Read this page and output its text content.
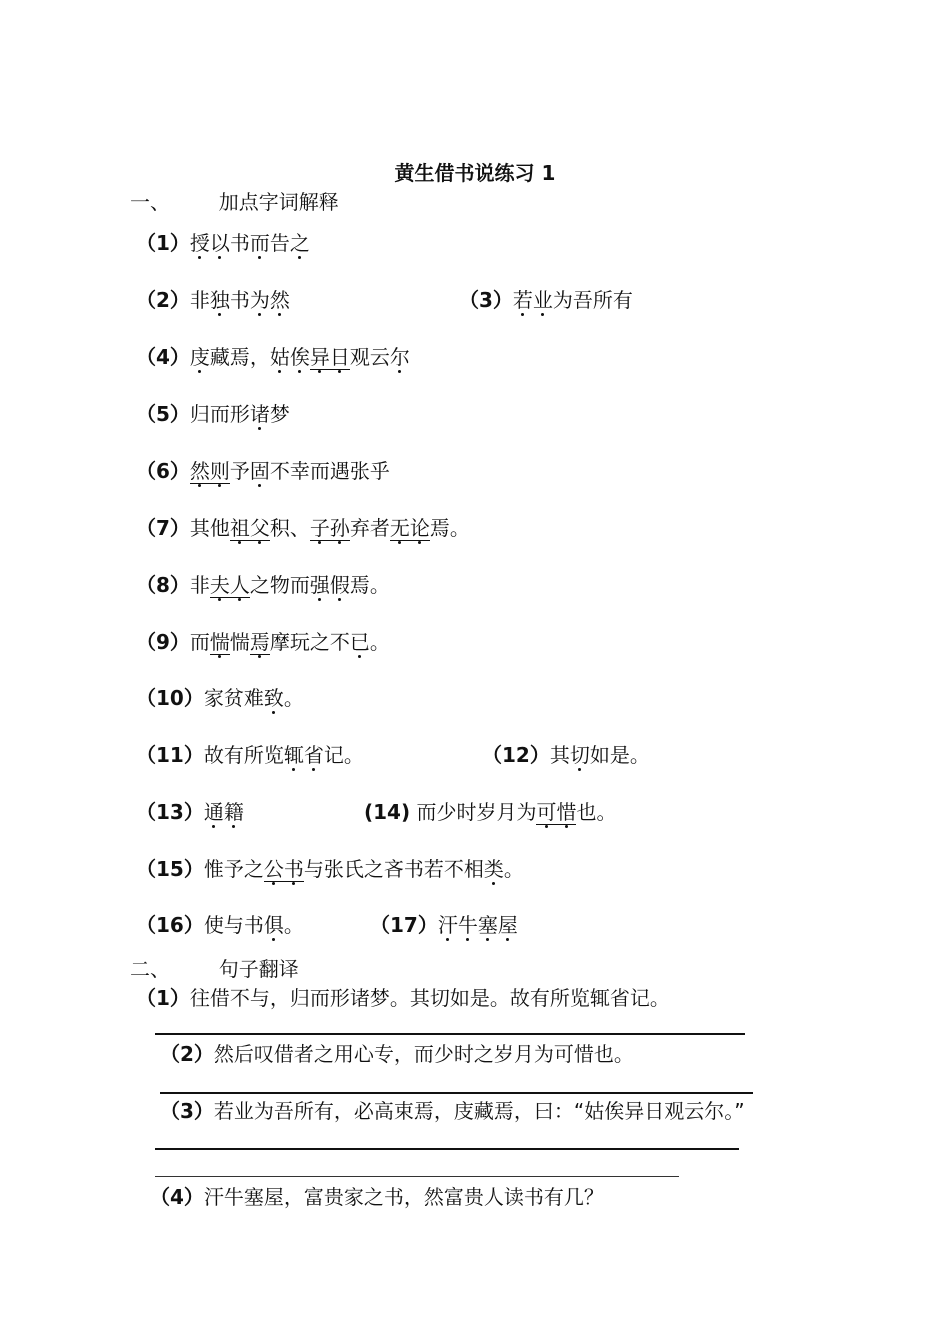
黄生借书说练习 1
一、 加点字词解释
（1）授以书而告之
（2）非独书为然	（3）若业为吾所有
（4）庋藏焉，姑俟异日观云尔
（5）归而形诸梦
（6）然则予固不幸而遇张乎
（7）其他祖父积、子孙弃者无论焉。
（8）非夫人之物而强假焉。
（9）而惴惴焉摩玩之不已。
（10）家贫难致。
（11）故有所览辄省记。	（12）其切如是。
（13）通籍	(14) 而少时岁月为可惜也。
（15）惟予之公书与张氏之吝书若不相类。
（16）使与书俱。	（17）汗牛塞屋
二、 句子翻译
（1）往借不与，归而形诸梦。其切如是。故有所览辄省记。
（2）然后叹借者之用心专，而少时之岁月为可惜也。
（3）若业为吾所有，必高束焉，庋藏焉，曰：“姑俟异日观云尔。”
（4）汗牛塞屋，富贵家之书，然富贵人读书有几？
